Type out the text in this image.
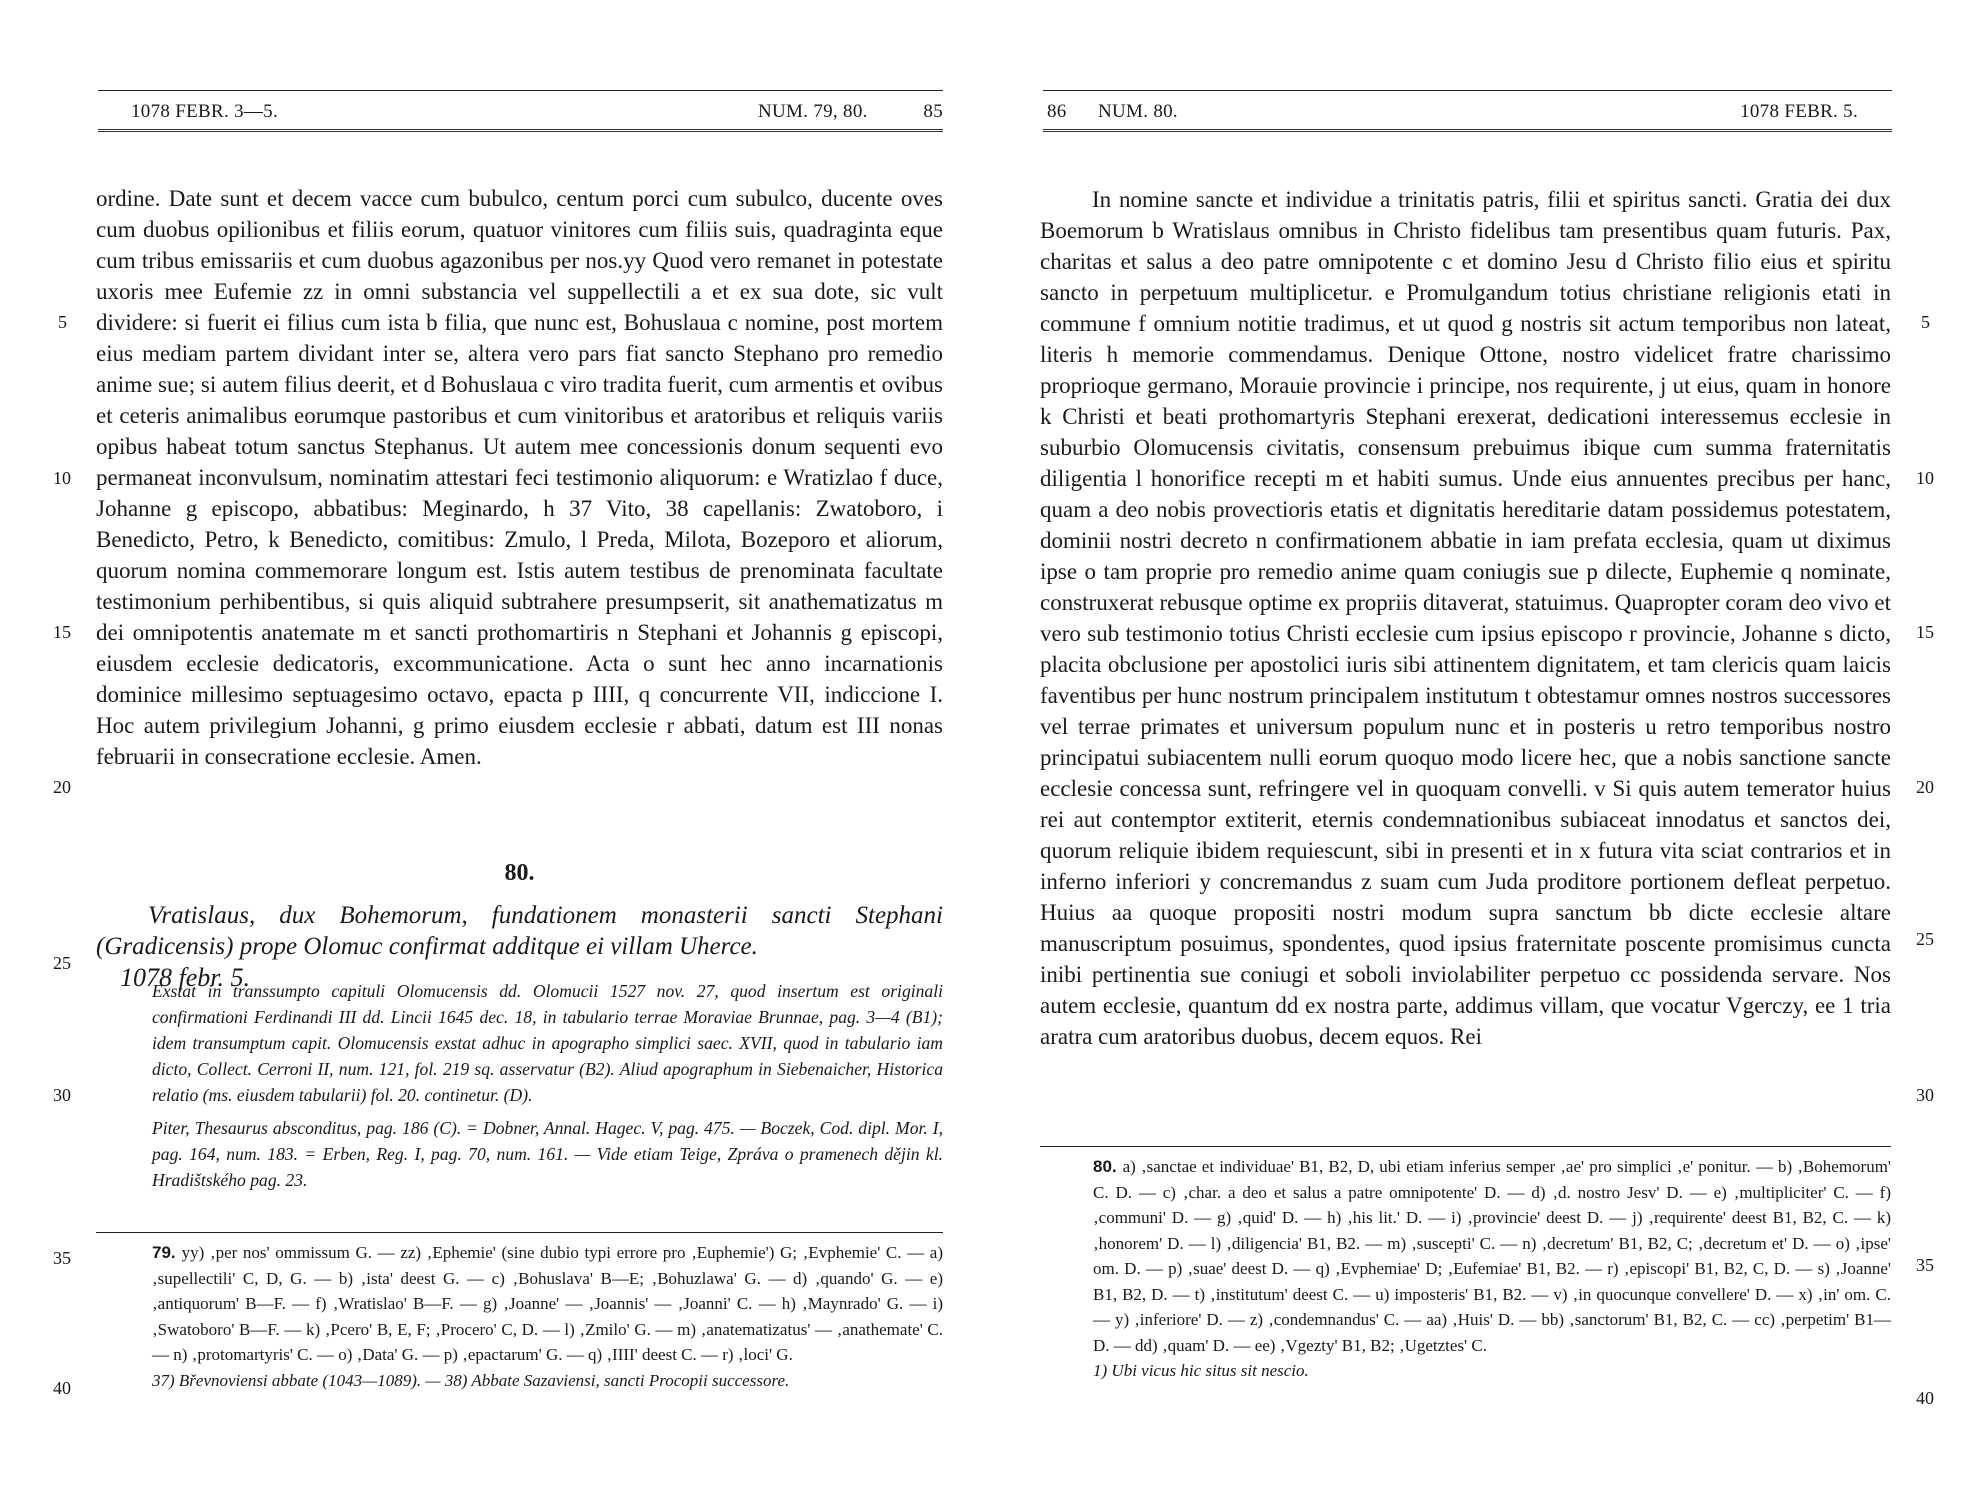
1078 FEBR. 3—5.	NUM. 79, 80.	85

ordine. Date sunt et decem vacce cum bubulco, centum porci cum subulco, ducente oves cum duobus opilionibus et filiis eorum, quatuor vinitores cum filiis suis, quadraginta eque cum tribus emissariis et cum duobus agazonibus per nos.yy Quod vero remanet in potestate uxoris mee Eufemie zz in omni substancia vel suppellectili a et ex sua dote, sic vult dividere: si fuerit ei filius cum ista b filia, que nunc est, Bohuslaua c nomine, post mortem eius mediam partem dividant inter se, altera vero pars fiat sancto Stephano pro remedio anime sue; si autem filius deerit, et d Bohuslaua c viro tradita fuerit, cum armentis et ovibus et ceteris animalibus eorumque pastoribus et cum vinitoribus et aratoribus et reliquis variis opibus habeat totum sanctus Stephanus. Ut autem mee concessionis donum sequenti evo permaneat inconvulsum, nominatim attestari feci testimonio aliquorum: e Wratizlao f duce, Johanne g episcopo, abbatibus: Meginardo, h 37 Vito, 38 capellanis: Zwatoboro, i Benedicto, Petro, k Benedicto, comitibus: Zmulo, l Preda, Milota, Bozeporo et aliorum, quorum nomina commemorare longum est. Istis autem testibus de prenominata facultate testimonium perhibentibus, si quis aliquid subtrahere presumpserit, sit anathematizatus m dei omnipotentis anatemate m et sancti prothomartiris n Stephani et Johannis g episcopi, eiusdem ecclesie dedicatoris, excommunicatione. Acta o sunt hec anno incarnationis dominice millesimo septuagesimo octavo, epacta p IIII, q concurrente VII, indiccione I. Hoc autem privilegium Johanni, g primo eiusdem ecclesie r abbati, datum est III nonas februarii in consecratione ecclesie. Amen.

5
10
15
20
25
30
35
40
80.
Vratislaus, dux Bohemorum, fundationem monasterii sancti Stephani (Gradicensis) prope Olomuc confirmat additque ei villam Uherce. 1078 febr. 5.

Exstat in transsumpto capituli Olomucensis dd. Olomucii 1527 nov. 27, quod insertum est originali confirmationi Ferdinandi III dd. Lincii 1645 dec. 18, in tabulario terrae Moraviae Brunnae, pag. 3—4 (B1); idem transumptum capit. Olomucensis exstat adhuc in apographo simplici saec. XVII, quod in tabulario iam dicto, Collect. Cerroni II, num. 121, fol. 219 sq. asservatur (B2). Aliud apographum in Siebenaicher, Historica relatio (ms. eiusdem tabularii) fol. 20. continetur. (D).

Piter, Thesaurus absconditus, pag. 186 (C). = Dobner, Annal. Hagec. V, pag. 475. — Boczek, Cod. dipl. Mor. I, pag. 164, num. 183. = Erben, Reg. I, pag. 70, num. 161. — Vide etiam Teige, Zpráva o pramenech dějin kl. Hradištského pag. 23.

79. yy) ‚per nos' ommissum G. — zz) ‚Ephemie' (sine dubio typi errore pro ‚Euphemie') G; ‚Evphemie' C. — a) ‚supellectili' C, D, G. — b) ‚ista' deest G. — c) ‚Bohuslava' B—E; ‚Bohuzlawa' G. — d) ‚quando' G. — e) ‚antiquorum' B—F. — f) ‚Wratislao' B—F. — g) ‚Joanne' — ‚Joannis' — ‚Joanni' C. — h) ‚Maynrado' G. — i) ‚Swatoboro' B—F. — k) ‚Pcero' B, E, F; ‚Procero' C, D. — l) ‚Zmilo' G. — m) ‚anatematizatus' — ‚anathemate' C. — n) ‚protomartyris' C. — o) ‚Data' G. — p) ‚epactarum' G. — q) ‚IIII' deest C. — r) ‚loci' G.

37) Břevnoviensi abbate (1043—1089). — 38) Abbate Sazaviensi, sancti Procopii successore.

86 NUM. 80.	1078 FEBR. 5.

In nomine sancte et individue a trinitatis patris, filii et spiritus sancti. Gratia dei dux Boemorum b Wratislaus omnibus in Christo fidelibus tam presentibus quam futuris. Pax, charitas et salus a deo patre omnipotente c et domino Jesu d Christo filio eius et spiritu sancto in perpetuum multiplicetur. e Promulgandum totius christiane religionis etati in commune f omnium notitie tradimus, et ut quod g nostris sit actum temporibus non lateat, literis h memorie commendamus. Denique Ottone, nostro videlicet fratre charissimo proprioque germano, Morauie provincie i principe, nos requirente, j ut eius, quam in honore k Christi et beati prothomartyris Stephani erexerat, dedicationi interessemus ecclesie in suburbio Olomucensis civitatis, consensum prebuimus ibique cum summa fraternitatis diligentia l honorifice recepti m et habiti sumus. Unde eius annuentes precibus per hanc, quam a deo nobis provectioris etatis et dignitatis hereditarie datam possidemus potestatem, dominii nostri decreto n confirmationem abbatie in iam prefata ecclesia, quam ut diximus ipse o tam proprie pro remedio anime quam coniugis sue p dilecte, Euphemie q nominate, construxerat rebusque optime ex propriis ditaverat, statuimus. Quapropter coram deo vivo et vero sub testimonio totius Christi ecclesie cum ipsius episcopo r provincie, Johanne s dicto, placita obclusione per apostolici iuris sibi attinentem dignitatem, et tam clericis quam laicis faventibus per hunc nostrum principalem institutum t obtestamur omnes nostros successores vel terrae primates et universum populum nunc et in posteris u retro temporibus nostro principatui subiacentem nulli eorum quoquo modo licere hec, que a nobis sanctione sancte ecclesie concessa sunt, refringere vel in quoquam convelli. v Si quis autem temerator huius rei aut contemptor extiterit, eternis condemnationibus subiaceat innodatus et sanctos dei, quorum reliquie ibidem requiescunt, sibi in presenti et in x futura vita sciat contrarios et in inferno inferiori y concremandus z suam cum Juda proditore portionem defleat perpetuo. Huius aa quoque propositi nostri modum supra sanctum bb dicte ecclesie altare manuscriptum posuimus, spondentes, quod ipsius fraternitate poscente promisimus cuncta inibi pertinentia sue coniugi et soboli inviolabiliter perpetuo cc possidenda servare. Nos autem ecclesie, quantum dd ex nostra parte, addimus villam, que vocatur Vgerczy, ee 1 tria aratra cum aratoribus duobus, decem equos. Rei

5
10
15
20
25
30
35
40

80. a) ‚sanctae et individuae' B1, B2, D, ubi etiam inferius semper ‚ae' pro simplici ‚e' ponitur. — b) ‚Bohemorum' C. D. — c) ‚char. a deo et salus a patre omnipotente' D. — d) ‚d. nostro Jesv' D. — e) ‚multipliciter' C. — f) ‚communi' D. — g) ‚quid' D. — h) ‚his lit.' D. — i) ‚provincie' deest D. — j) ‚requirente' deest B1, B2, C. — k) ‚honorem' D. — l) ‚diligencia' B1, B2. — m) ‚suscepti' C. — n) ‚decretum' B1, B2, C; ‚decretum et' D. — o) ‚ipse' om. D. — p) ‚suae' deest D. — q) ‚Evphemiae' D; ‚Eufemiae' B1, B2. — r) ‚episcopi' B1, B2, C, D. — s) ‚Joanne' B1, B2, D. — t) ‚institutum' deest C. — u) imposteris' B1, B2. — v) ‚in quocunque convellere' D. — x) ‚in' om. C. — y) ‚inferiore' D. — z) ‚condemnandus' C. — aa) ‚Huis' D. — bb) ‚sanctorum' B1, B2, C. — cc) ‚perpetim' B1—D. — dd) ‚quam' D. — ee) ‚Vgezty' B1, B2; ‚Ugetztes' C.

1) Ubi vicus hic situs sit nescio.
